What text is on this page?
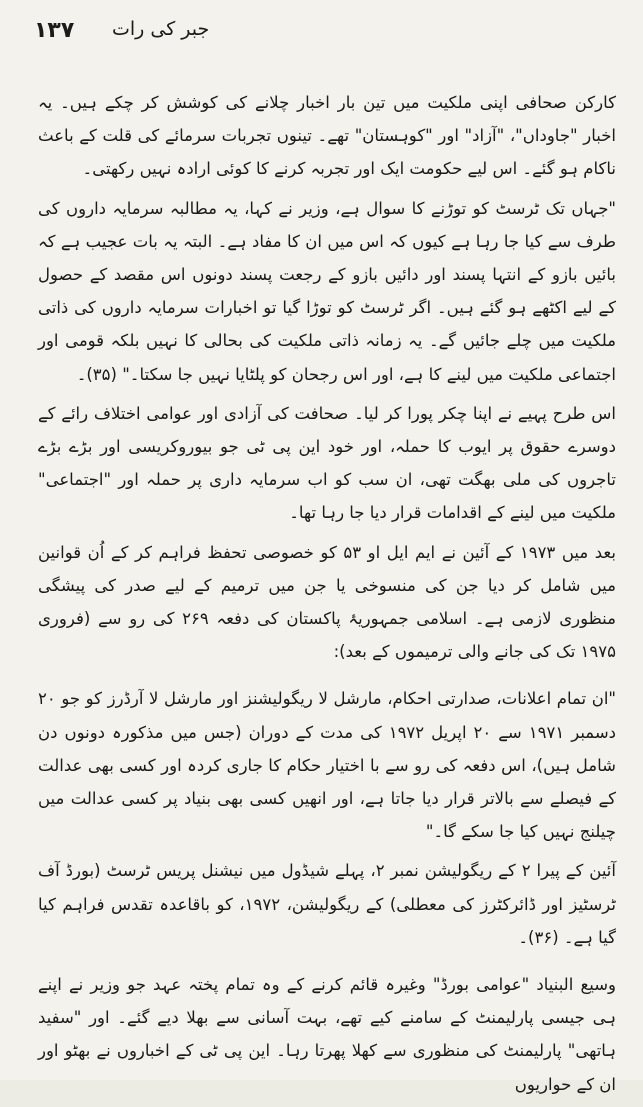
۱۳۷ جبر کی رات

کارکن صحافی اپنی ملکیت میں تین بار اخبار چلانے کی کوشش کر چکے ہیں۔ یہ اخبار "جاوداں"، "آزاد" اور "کوہستان" تھے۔ تینوں تجربات سرمائے کی قلت کے باعث ناکام ہو گئے۔ اس لیے حکومت ایک اور تجربہ کرنے کا کوئی ارادہ نہیں رکھتی۔

"جہاں تک ٹرسٹ کو توڑنے کا سوال ہے، وزیر نے کہا، یہ مطالبہ سرمایہ داروں کی طرف سے کیا جا رہا ہے کیوں کہ اس میں ان کا مفاد ہے۔ البتہ یہ بات عجیب ہے کہ بائیں بازو کے انتہا پسند اور دائیں بازو کے رجعت پسند دونوں اس مقصد کے حصول کے لیے اکٹھے ہو گئے ہیں۔ اگر ٹرسٹ کو توڑا گیا تو اخبارات سرمایہ داروں کی ذاتی ملکیت میں چلے جائیں گے۔ یہ زمانہ ذاتی ملکیت کی بحالی کا نہیں بلکہ قومی اور اجتماعی ملکیت میں لینے کا ہے، اور اس رجحان کو پلٹایا نہیں جا سکتا۔" (۳۵)۔

اس طرح پہیے نے اپنا چکر پورا کر لیا۔ صحافت کی آزادی اور عوامی اختلاف رائے کے دوسرے حقوق پر ایوب کا حملہ، اور خود این پی ٹی جو بیوروکریسی اور بڑے بڑے تاجروں کی ملی بھگت تھی، ان سب کو اب سرمایہ داری پر حملہ اور "اجتماعی" ملکیت میں لینے کے اقدامات قرار دیا جا رہا تھا۔

بعد میں ۱۹۷۳ کے آئین نے ایم ایل او ۵۳ کو خصوصی تحفظ فراہم کر کے اُن قوانین میں شامل کر دیا جن کی منسوخی یا جن میں ترمیم کے لیے صدر کی پیشگی منظوری لازمی ہے۔ اسلامی جمہوریۂ پاکستان کی دفعہ ۲۶۹ کی رو سے (فروری ۱۹۷۵ تک کی جانے والی ترمیموں کے بعد):

"ان تمام اعلانات، صدارتی احکام، مارشل لا ریگولیشنز اور مارشل لا آرڈرز کو جو ۲۰ دسمبر ۱۹۷۱ سے ۲۰ اپریل ۱۹۷۲ کی مدت کے دوران (جس میں مذکورہ دونوں دن شامل ہیں)، اس دفعہ کی رو سے با اختیار حکام کا جاری کردہ اور کسی بھی عدالت کے فیصلے سے بالاتر قرار دیا جاتا ہے، اور انھیں کسی بھی بنیاد پر کسی عدالت میں چیلنج نہیں کیا جا سکے گا۔"

آئین کے پیرا ۲ کے ریگولیشن نمبر ۲، پہلے شیڈول میں نیشنل پریس ٹرسٹ (بورڈ آف ٹرسٹیز اور ڈائرکٹرز کی معطلی) کے ریگولیشن، ۱۹۷۲، کو باقاعدہ تقدس فراہم کیا گیا ہے۔ (۳۶)۔

وسیع البنیاد "عوامی بورڈ" وغیرہ قائم کرنے کے وہ تمام پختہ عہد جو وزیر نے اپنے ہی جیسی پارلیمنٹ کے سامنے کیے تھے، بہت آسانی سے بھلا دیے گئے۔ اور "سفید ہاتھی" پارلیمنٹ کی منظوری سے کھلا پھرتا رہا۔ این پی ٹی کے اخباروں نے بھٹو اور ان کے حواریوں
